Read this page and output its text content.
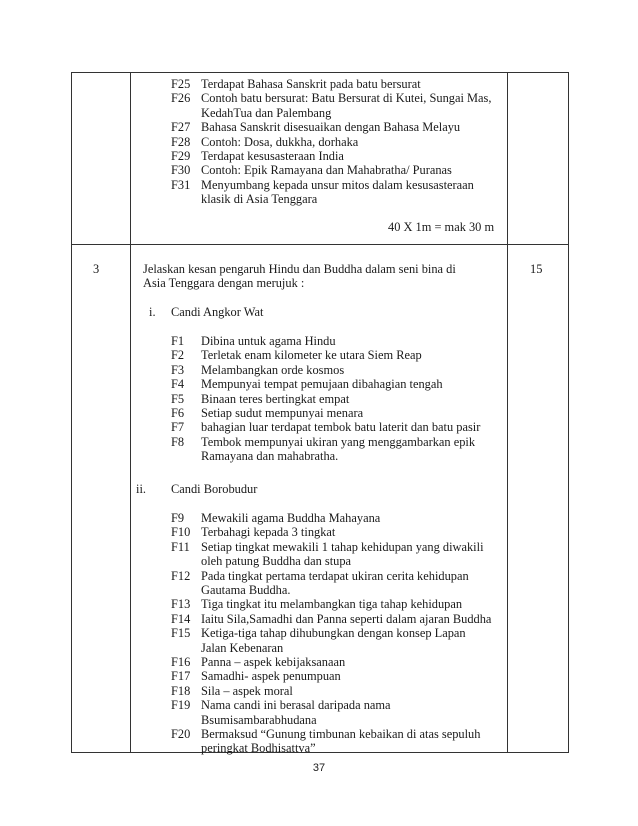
F25 Terdapat Bahasa Sanskrit pada batu bersurat
F26 Contoh batu bersurat: Batu Bersurat di Kutei, Sungai Mas,
KedahTua dan Palembang
F27 Bahasa Sanskrit disesuaikan dengan Bahasa Melayu
F28 Contoh: Dosa, dukkha, dorhaka
F29 Terdapat kesusasteraan India
F30 Contoh: Epik Ramayana dan Mahabratha/ Puranas
F31 Menyumbang kepada unsur mitos dalam kesusasteraan
klasik di Asia Tenggara
40 X 1m = mak 30 m
3	15
Jelaskan kesan pengaruh Hindu dan Buddha dalam seni bina di
Asia Tenggara dengan merujuk :
i. Candi Angkor Wat
F1 Dibina untuk agama Hindu
F2 Terletak enam kilometer ke utara Siem Reap
F3 Melambangkan orde kosmos
F4 Mempunyai tempat pemujaan dibahagian tengah
F5 Binaan teres bertingkat empat
F6 Setiap sudut mempunyai menara
F7 bahagian luar terdapat tembok batu laterit dan batu pasir
F8 Tembok mempunyai ukiran yang menggambarkan epik
Ramayana dan mahabratha.
ii. Candi Borobudur
F9 Mewakili agama Buddha Mahayana
F10 Terbahagi kepada 3 tingkat
F11 Setiap tingkat mewakili 1 tahap kehidupan yang diwakili
oleh patung Buddha dan stupa
F12 Pada tingkat pertama terdapat ukiran cerita kehidupan
Gautama Buddha.
F13 Tiga tingkat itu melambangkan tiga tahap kehidupan
F14 Iaitu Sila,Samadhi dan Panna seperti dalam ajaran Buddha
F15 Ketiga-tiga tahap dihubungkan dengan konsep Lapan
Jalan Kebenaran
F16 Panna – aspek kebijaksanaan
F17 Samadhi- aspek penumpuan
F18 Sila – aspek moral
F19 Nama candi ini berasal daripada nama
Bsumisambarabhudana
F20 Bermaksud “Gunung timbunan kebaikan di atas sepuluh
peringkat Bodhisattva”
37
